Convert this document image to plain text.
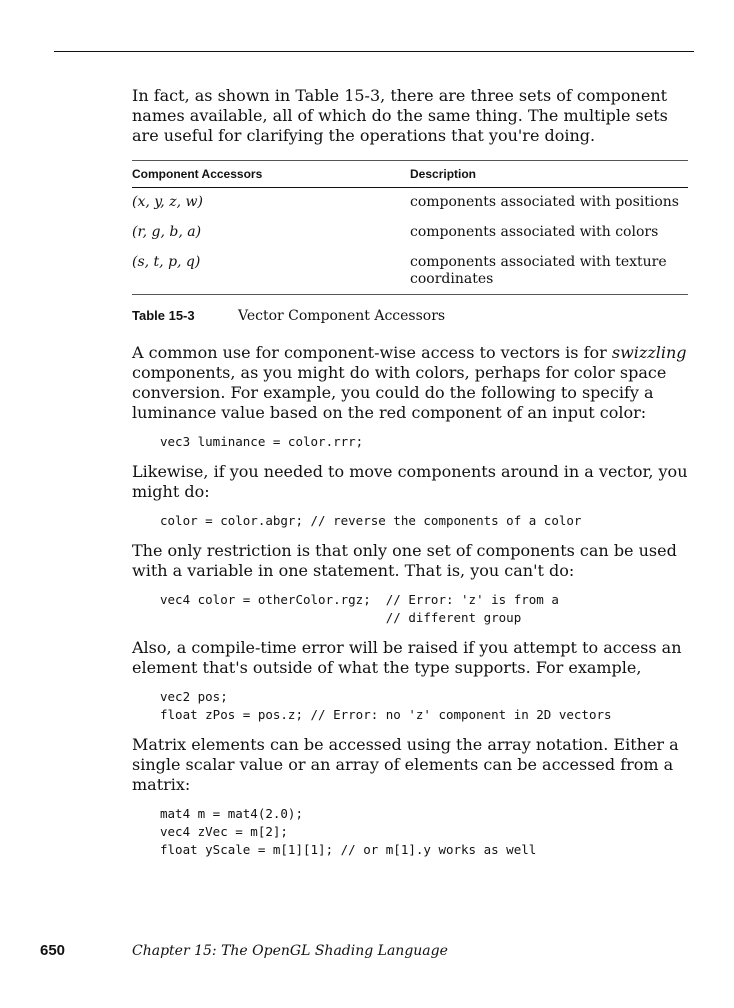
In fact, as shown in Table 15-3, there are three sets of component names available, all of which do the same thing. The multiple sets are useful for clarifying the operations that you're doing.

Component Accessors	Description
(x, y, z, w)	components associated with positions
(r, g, b, a)	components associated with colors
(s, t, p, q)	components associated with texture coordinates
Table 15-3	Vector Component Accessors

A common use for component-wise access to vectors is for swizzling components, as you might do with colors, perhaps for color space conversion. For example, you could do the following to specify a luminance value based on the red component of an input color:

vec3 luminance = color.rrr;

Likewise, if you needed to move components around in a vector, you might do:

color = color.abgr; // reverse the components of a color

The only restriction is that only one set of components can be used with a variable in one statement. That is, you can't do:

vec4 color = otherColor.rgz;  // Error: 'z' is from a
// different group

Also, a compile-time error will be raised if you attempt to access an element that's outside of what the type supports. For example,

vec2 pos;
float zPos = pos.z; // Error: no 'z' component in 2D vectors

Matrix elements can be accessed using the array notation. Either a single scalar value or an array of elements can be accessed from a matrix:

mat4 m = mat4(2.0);
vec4 zVec = m[2];
float yScale = m[1][1]; // or m[1].y works as well
650	Chapter 15: The OpenGL Shading Language
